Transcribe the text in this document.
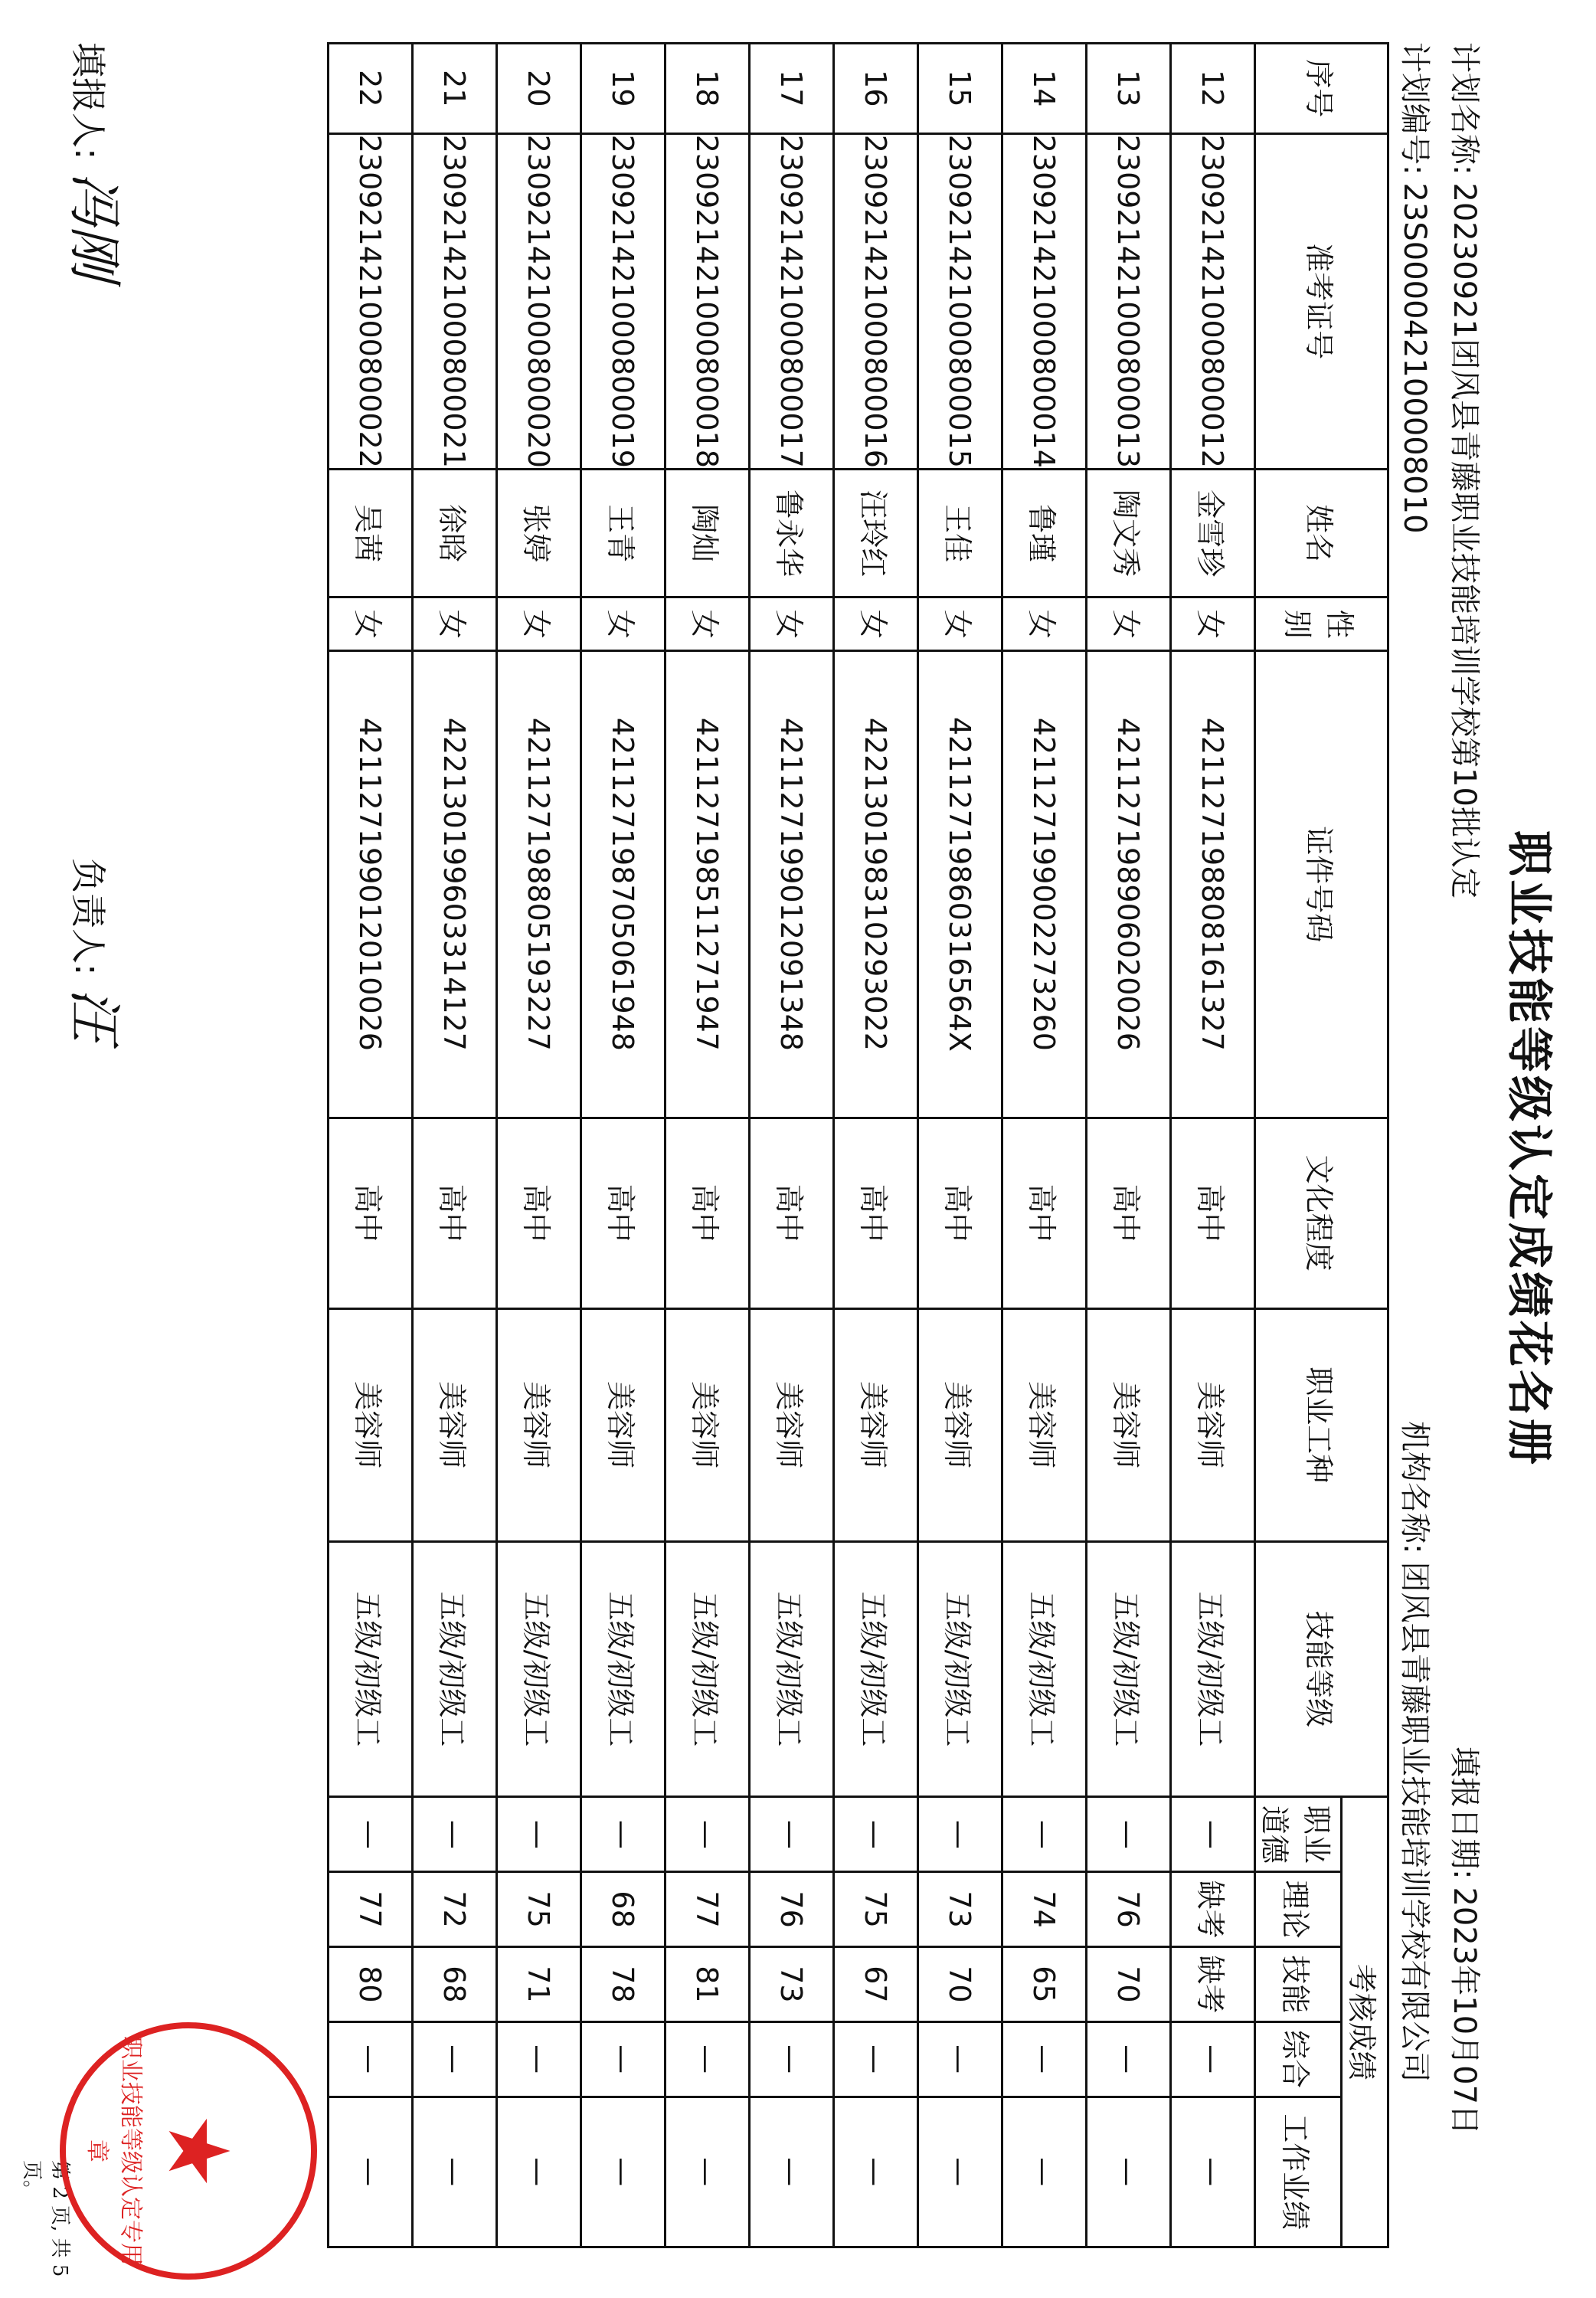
职业技能等级认定成绩花名册
计划名称:20230921团风县青藤职业技能培训学校第10批认定
计划编号:23S000042100008010
机构名称:团风县青藤职业技能培训学校有限公司 填报日期:2023年10月07日
序号	准考证号	姓名	性别	证件号码	文化程度	职业工种	技能等级	考核成绩				
								职业道德	理论	技能	综合	工作业绩
12	230921421000800012	金雪珍	女	421127198808161327	高中	美容师	五级/初级工	—	缺考	缺考	—	—
13	230921421000800013	陶文秀	女	421127198906020026	高中	美容师	五级/初级工	—	76	70	—	—
14	230921421000800014	鲁瑾	女	421127199002273260	高中	美容师	五级/初级工	—	74	65	—	—
15	230921421000800015	王佳	女	42112719860316564X	高中	美容师	五级/初级工	—	73	70	—	—
16	230921421000800016	汪玲红	女	422130198310293022	高中	美容师	五级/初级工	—	75	67	—	—
17	230921421000800017	鲁永华	女	421127199012091348	高中	美容师	五级/初级工	—	76	73	—	—
18	230921421000800018	陶灿	女	421127198511271947	高中	美容师	五级/初级工	—	77	81	—	—
19	230921421000800019	王青	女	421127198705061948	高中	美容师	五级/初级工	—	68	78	—	—
20	230921421000800020	张婷	女	421127198805193227	高中	美容师	五级/初级工	—	75	71	—	—
21	230921421000800021	徐晗	女	422130199603314127	高中	美容师	五级/初级工	—	72	68	—	—
22	230921421000800022	吴茜	女	421127199012010026	高中	美容师	五级/初级工	—	77	80	—	—
填报人:冯刚
负责人:汪
第 2 页, 共 5 页。	★
职业技能等级认定专用章
